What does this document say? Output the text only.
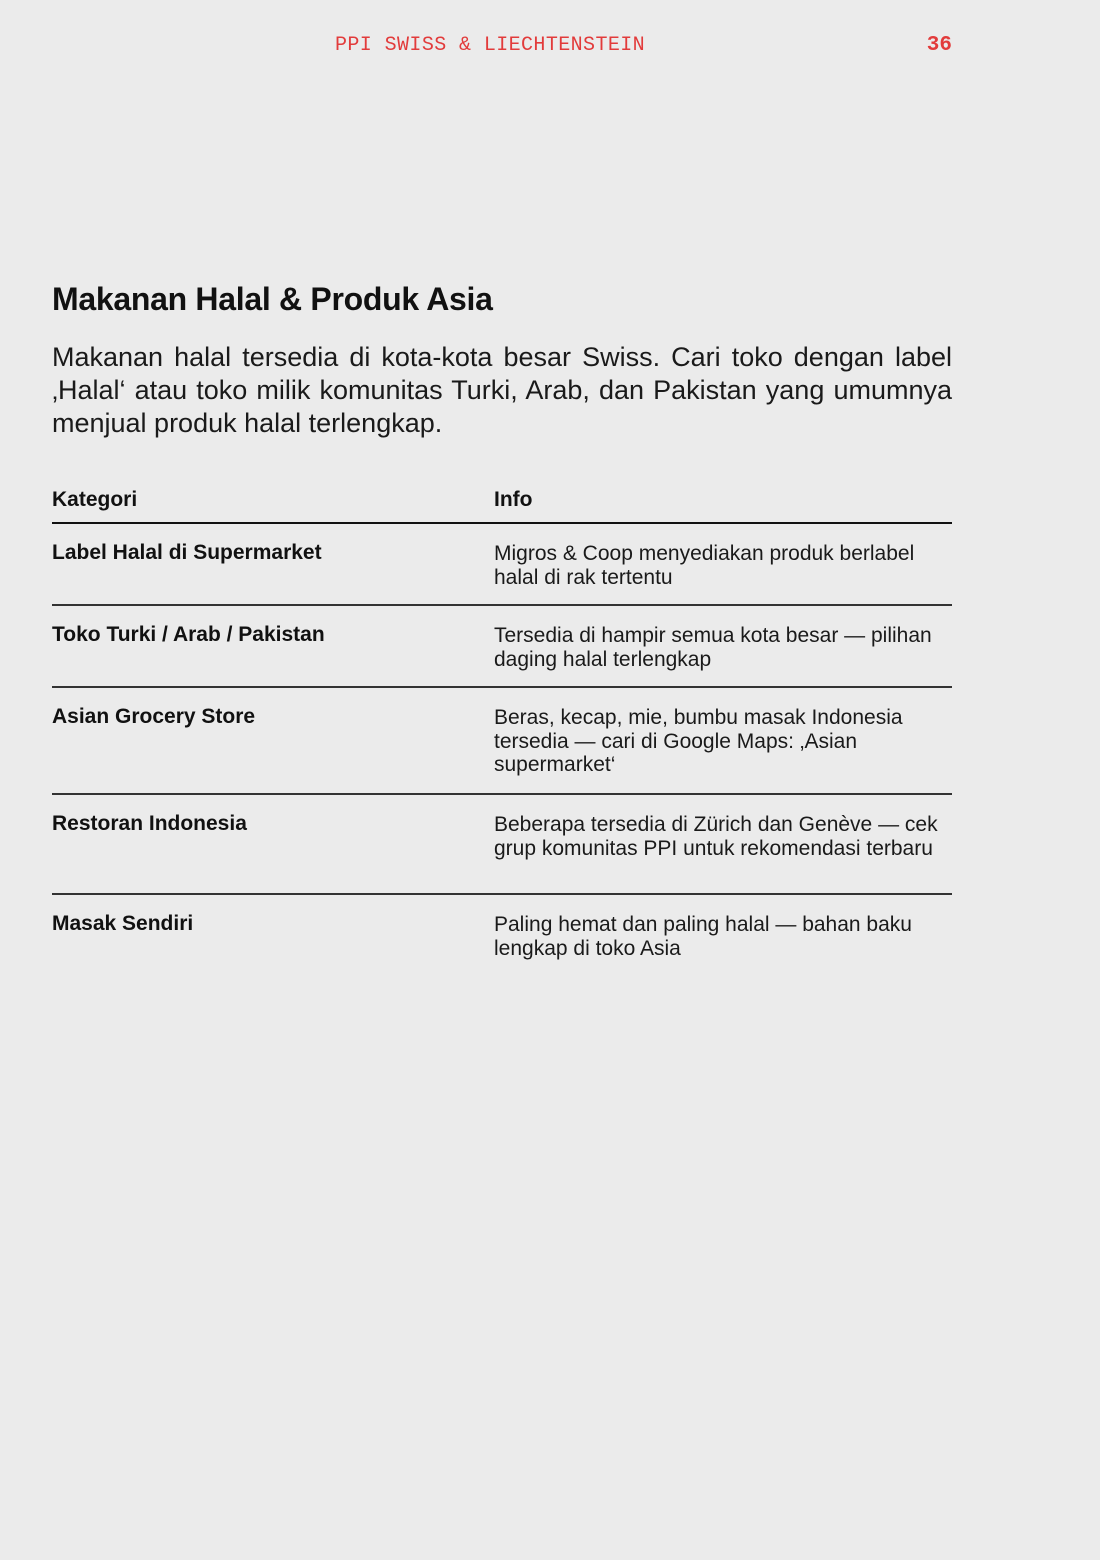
PPI SWISS & LIECHTENSTEIN	36
Makanan Halal & Produk Asia

Makanan halal tersedia di kota-kota besar Swiss. Cari toko dengan label ‚Halal‘ atau toko milik komunitas Turki, Arab, dan Pakistan yang umumnya menjual produk halal terlengkap.

Kategori	Info
Label Halal di Supermarket	Migros & Coop menyediakan produk berlabel halal di rak tertentu
Toko Turki / Arab / Pakistan	Tersedia di hampir semua kota besar — pilihan daging halal terlengkap
Asian Grocery Store	Beras, kecap, mie, bumbu masak Indonesia tersedia — cari di Google Maps: ‚Asian supermarket‘
Restoran Indonesia	Beberapa tersedia di Zürich dan Genève — cek grup komunitas PPI untuk rekomendasi terbaru
Masak Sendiri	Paling hemat dan paling halal — bahan baku lengkap di toko Asia
